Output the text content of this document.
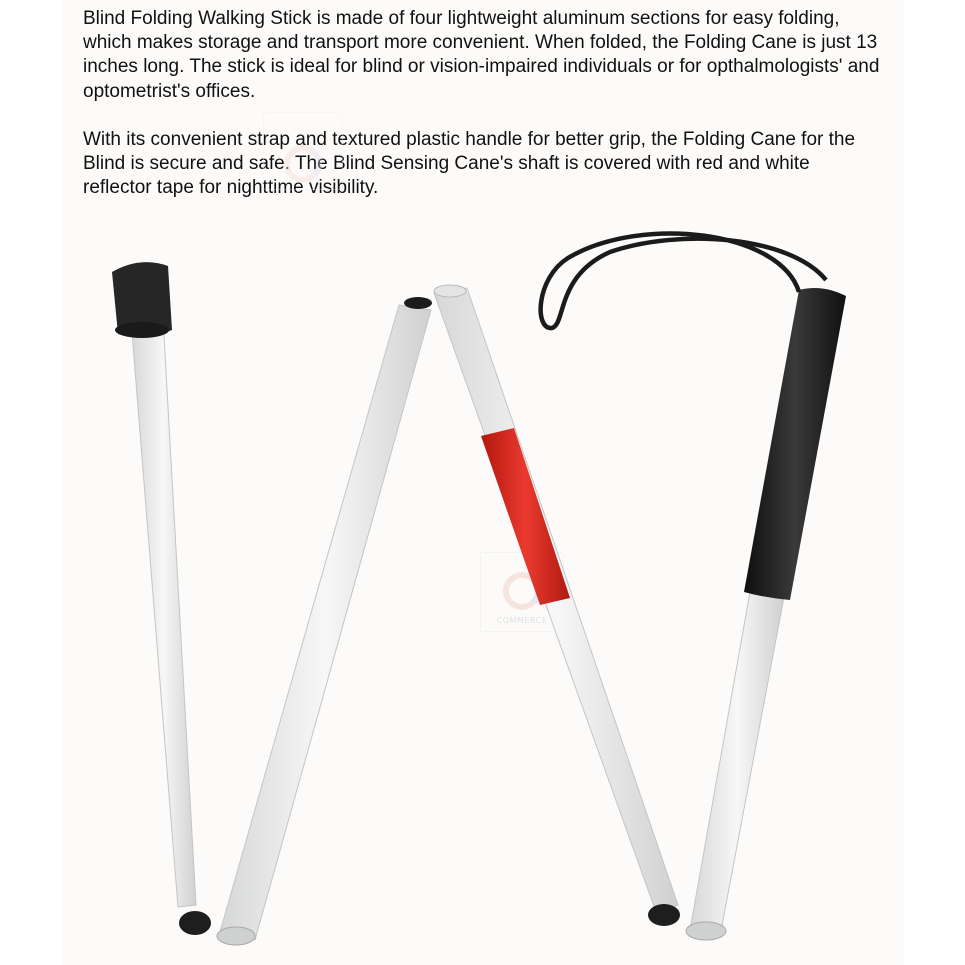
Blind Folding Walking Stick is made of four lightweight aluminum sections for easy folding, which makes storage and transport more convenient. When folded, the Folding Cane is just 13 inches long. The stick is ideal for blind or vision-impaired individuals or for opthalmologists' and optometrist's offices.

With its convenient strap and textured plastic handle for better grip, the Folding Cane for the Blind is secure and safe. The Blind Sensing Cane's shaft is covered with red and white reflector tape for nighttime visibility.

COMMERCE
